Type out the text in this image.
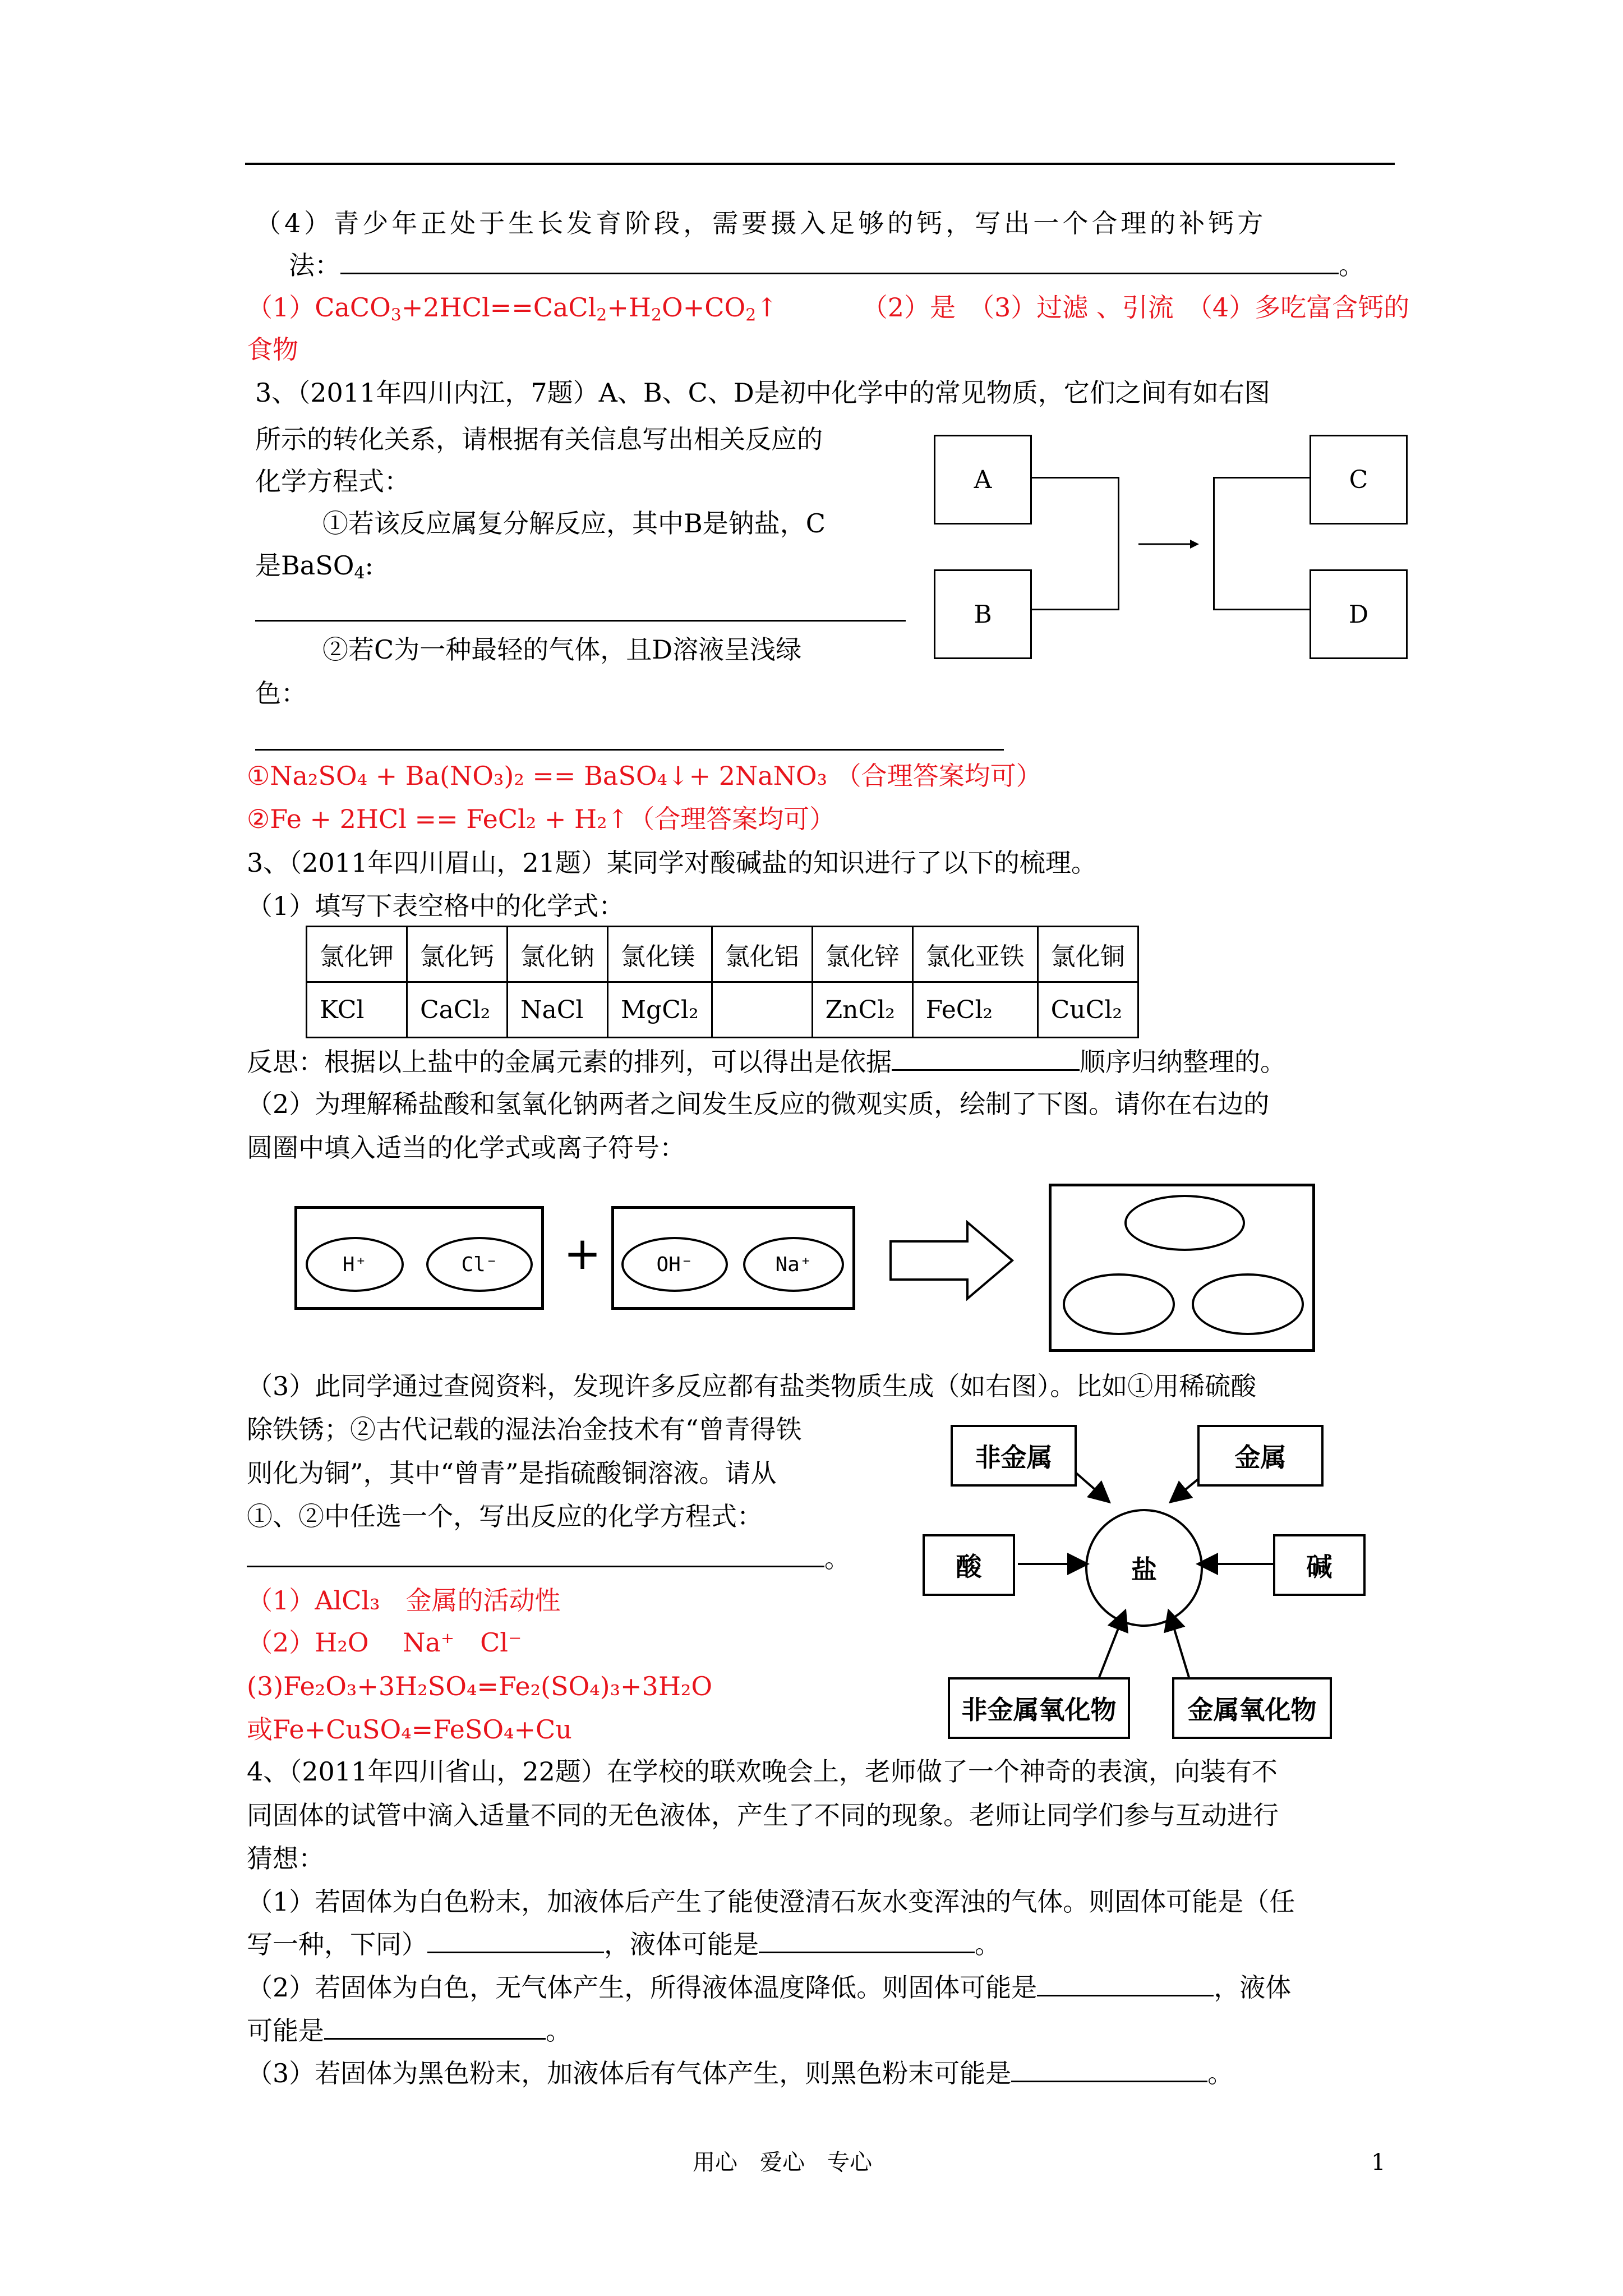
（4）青少年正处于生长发育阶段，需要摄入足够的钙，写出一个合理的补钙方
法：	。
$(1)CaCO_3+2HCl==CaCl_2+H_2O+CO_2↑$	（2）是　（3）过滤 、引流　（4）多吃富含钙的
食物
3、（2011年四川内江，7题）A、B、C、D是初中化学中的常见物质，它们之间有如右图
所示的转化关系，请根据有关信息写出相关反应的
化学方程式：
①若该反应属复分解反应，其中B是钠盐，C
是BaSO$_4$:
②若C为一种最轻的气体，且D溶液呈浅绿
色：
A
B
C
D
①Na₂SO₄ + Ba(NO₃)₂ == BaSO₄↓+ 2NaNO₃ （合理答案均可）
②Fe + 2HCl == FeCl₂ + H₂↑（合理答案均可）
3、（2011年四川眉山，21题）某同学对酸碱盐的知识进行了以下的梳理。
（1）填写下表空格中的化学式：
氯化钾	氯化钙	氯化钠	氯化镁	氯化铝	氯化锌	氯化亚铁	氯化铜
KCl	CaCl₂	NaCl	MgCl₂		ZnCl₂	FeCl₂	CuCl₂
反思：根据以上盐中的金属元素的排列，可以得出是依据	顺序归纳整理的。
（2）为理解稀盐酸和氢氧化钠两者之间发生反应的微观实质，绘制了下图。请你在右边的
圆圈中填入适当的化学式或离子符号：
H⁺	Cl⁻	+	OH⁻	Na⁺
（3）此同学通过查阅资料，发现许多反应都有盐类物质生成（如右图）。比如①用稀硫酸
除铁锈；②古代记载的湿法冶金技术有“曾青得铁
则化为铜”，其中“曾青”是指硫酸铜溶液。请从
①、②中任选一个，写出反应的化学方程式：
。	盐
非金属	金属
酸	碱
非金属氧化物	金属氧化物
（1）AlCl₃　金属的活动性
（2）H₂O　 Na⁺　Cl⁻
(3)Fe₂O₃+3H₂SO₄=Fe₂(SO₄)₃+3H₂O
或Fe+CuSO₄=FeSO₄+Cu
4、（2011年四川省山，22题）在学校的联欢晚会上，老师做了一个神奇的表演，向装有不
同固体的试管中滴入适量不同的无色液体，产生了不同的现象。老师让同学们参与互动进行
猜想：
（1）若固体为白色粉末，加液体后产生了能使澄清石灰水变浑浊的气体。则固体可能是（任
写一种，下同）	，液体可能是	。
（2）若固体为白色，无气体产生，所得液体温度降低。则固体可能是	，液体
可能是	。
（3）若固体为黑色粉末，加液体后有气体产生，则黑色粉末可能是	。
用心　爱心　专心	1
